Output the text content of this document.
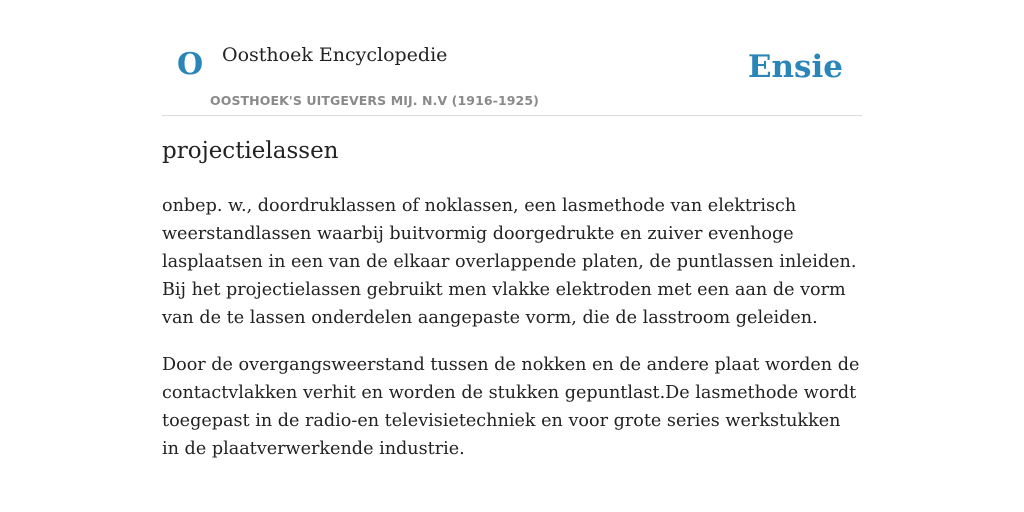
O Oosthoek Encyclopedie
OOSTHOEK'S UITGEVERS MIJ. N.V (1916-1925)
Ensie
projectielassen

onbep. w., doordruklassen of noklassen, een lasmethode van elektrisch weerstandlassen waarbij buitvormig doorgedrukte en zuiver evenhoge lasplaatsen in een van de elkaar overlappende platen, de puntlassen inleiden. Bij het projectielassen gebruikt men vlakke elektroden met een aan de vorm van de te lassen onderdelen aangepaste vorm, die de lasstroom geleiden.

Door de overgangsweerstand tussen de nokken en de andere plaat worden de contactvlakken verhit en worden de stukken gepuntlast.De lasmethode wordt toegepast in de radio-en televisietechniek en voor grote series werkstukken in de plaatverwerkende industrie.
